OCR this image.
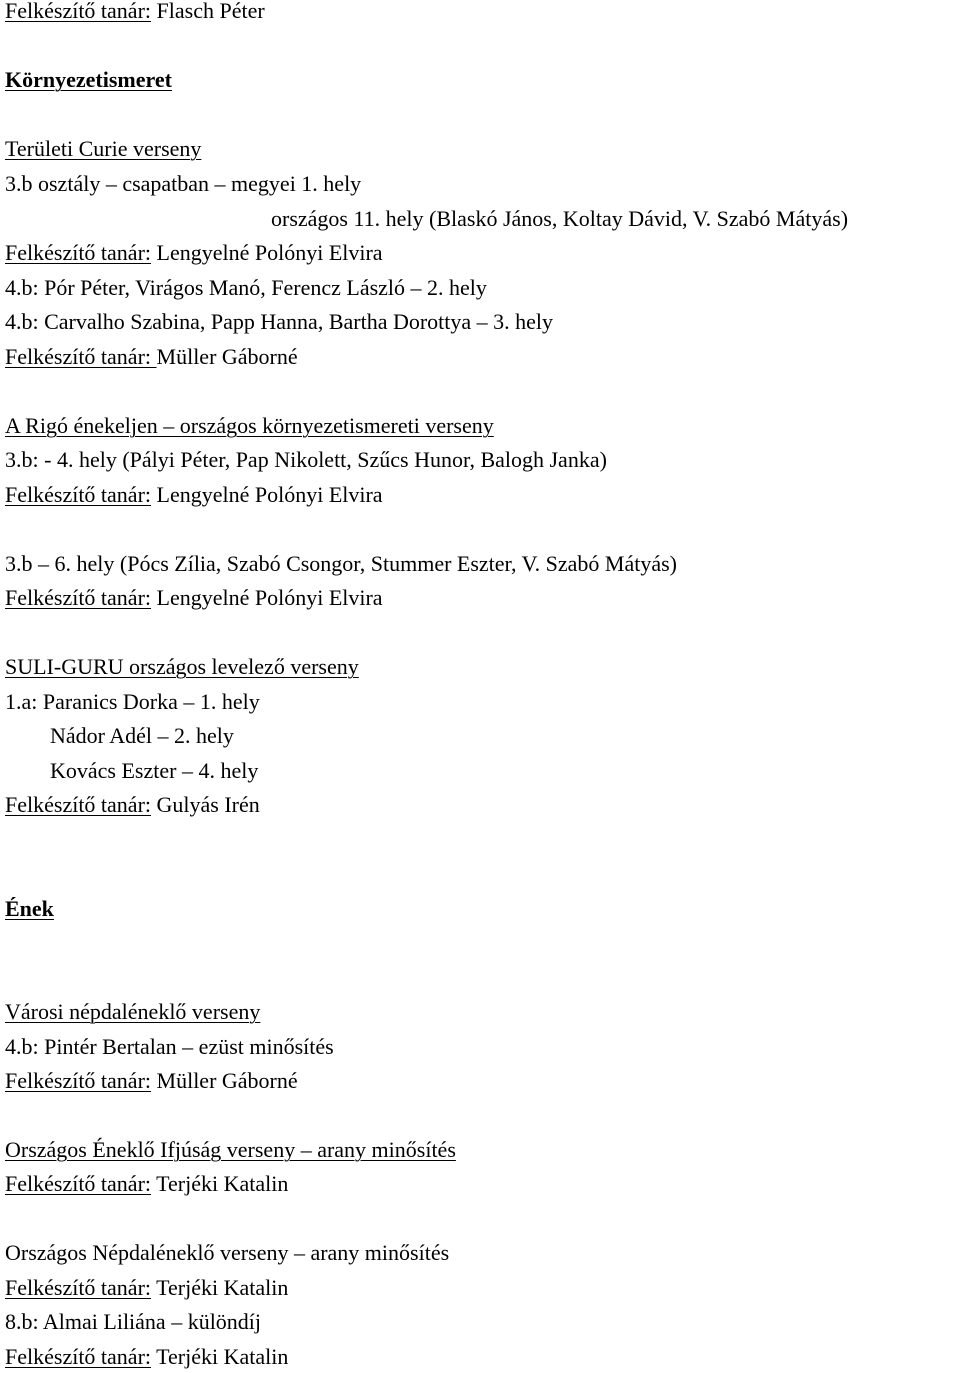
Felkészítő tanár: Flasch Péter
Környezetismeret
Területi Curie verseny
3.b osztály – csapatban – megyei 1. hely
országos 11. hely (Blaskó János, Koltay Dávid, V. Szabó Mátyás)
Felkészítő tanár: Lengyelné Polónyi Elvira
4.b: Pór Péter, Virágos Manó, Ferencz László – 2. hely
4.b: Carvalho Szabina, Papp Hanna, Bartha Dorottya – 3. hely
Felkészítő tanár: Müller Gáborné
A Rigó énekeljen – országos környezetismereti verseny
3.b: - 4. hely (Pályi Péter, Pap Nikolett, Szűcs Hunor, Balogh Janka)
Felkészítő tanár: Lengyelné Polónyi Elvira
3.b – 6. hely (Pócs Zília, Szabó Csongor, Stummer Eszter, V. Szabó Mátyás)
Felkészítő tanár: Lengyelné Polónyi Elvira
SULI-GURU országos levelező verseny
1.a: Paranics Dorka – 1. hely
Nádor Adél – 2. hely
Kovács Eszter – 4. hely
Felkészítő tanár: Gulyás Irén
Ének
Városi népdaléneklő verseny
4.b: Pintér Bertalan – ezüst minősítés
Felkészítő tanár: Müller Gáborné
Országos Éneklő Ifjúság verseny – arany minősítés
Felkészítő tanár: Terjéki Katalin
Országos Népdaléneklő verseny – arany minősítés
Felkészítő tanár: Terjéki Katalin
8.b: Almai Liliána – különdíj
Felkészítő tanár: Terjéki Katalin
